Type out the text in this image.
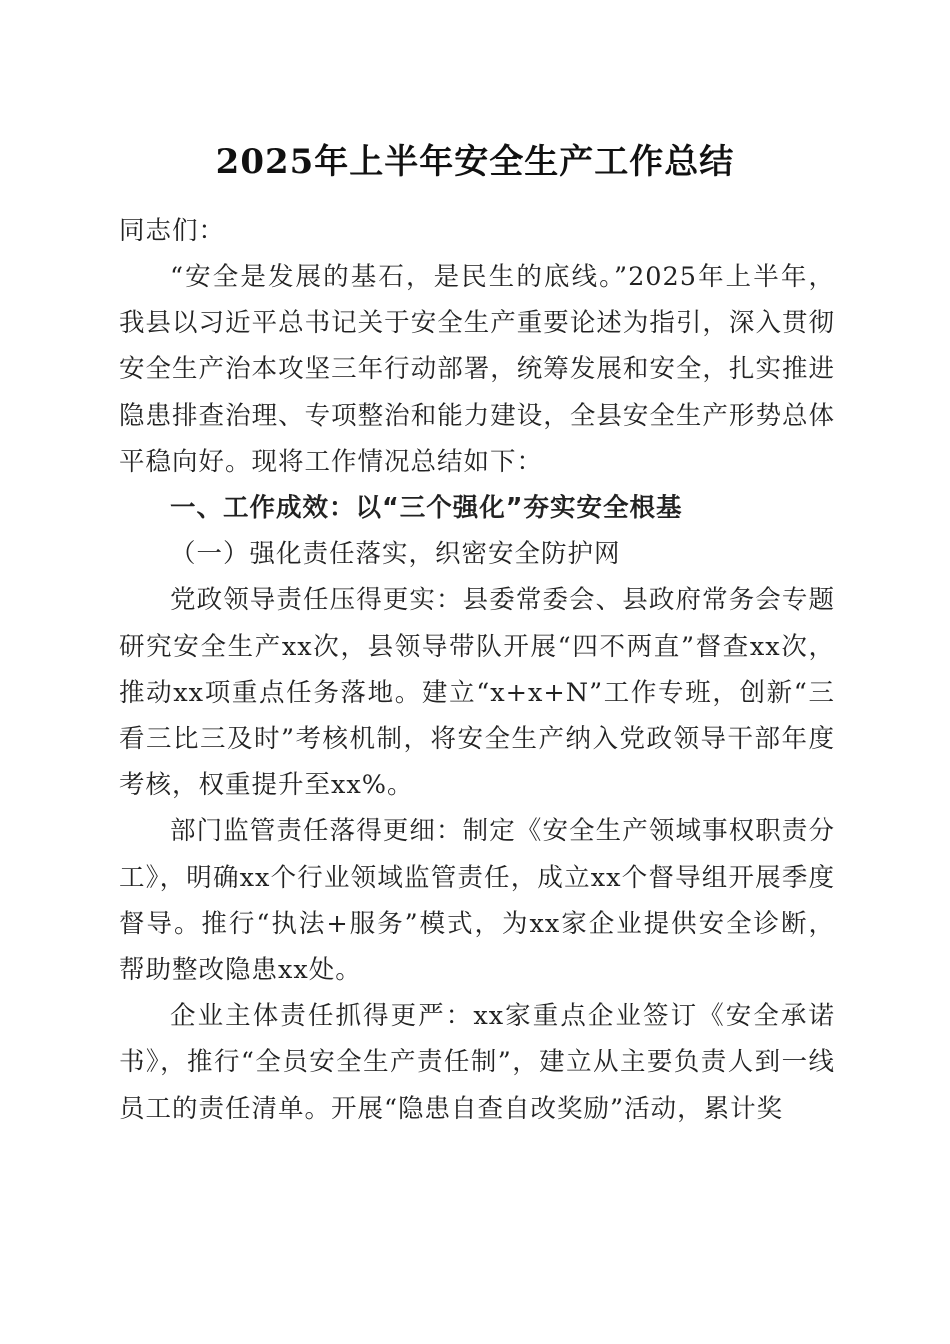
2025年上半年安全生产工作总结
同志们：

“安全是发展的基石，是民生的底线。”2025年上半年，我县以习近平总书记关于安全生产重要论述为指引，深入贯彻安全生产治本攻坚三年行动部署，统筹发展和安全，扎实推进隐患排查治理、专项整治和能力建设，全县安全生产形势总体平稳向好。现将工作情况总结如下：

一、工作成效：以“三个强化”夯实安全根基

（一）强化责任落实，织密安全防护网

党政领导责任压得更实：县委常委会、县政府常务会专题研究安全生产xx次，县领导带队开展“四不两直”督查xx次，推动xx项重点任务落地。建立“x+x+N”工作专班，创新“三看三比三及时”考核机制，将安全生产纳入党政领导干部年度考核，权重提升至xx%。

部门监管责任落得更细：制定《安全生产领域事权职责分工》，明确xx个行业领域监管责任，成立xx个督导组开展季度督导。推行“执法+服务”模式，为xx家企业提供安全诊断，帮助整改隐患xx处。

企业主体责任抓得更严：xx家重点企业签订《安全承诺书》，推行“全员安全生产责任制”，建立从主要负责人到一线员工的责任清单。开展“隐患自查自改奖励”活动，累计奖
